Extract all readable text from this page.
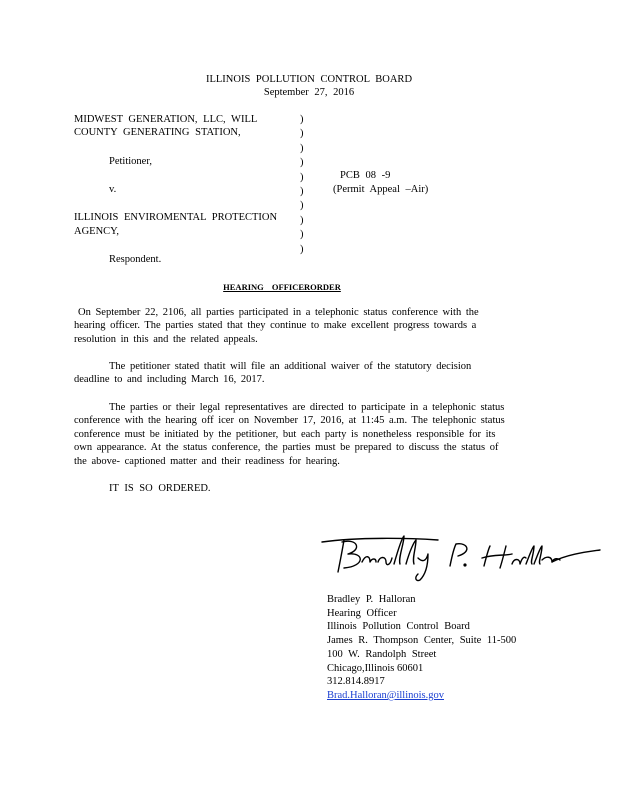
ILLINOIS POLLUTION CONTROL BOARD
September 27, 2016
MIDWEST GENERATION, LLC, WILL
COUNTY GENERATING STATION,
Petitioner,
v.
ILLINOIS ENVIROMENTAL PROTECTION
AGENCY,
Respondent.
)
)
)
)
)
)
)
)
)
)
PCB 08 -9
(Permit Appeal –Air)
HEARING OFFICERORDER
On September 22, 2106, all parties participated in a telephonic status conference with the
hearing officer. The parties stated that they continue to make excellent progress towards a
resolution in this and the related appeals.
The petitioner stated thatit will file an additional waiver of the statutory decision
deadline to and including March 16, 2017.
The parties or their legal representatives are directed to participate in a telephonic status
conference with the hearing off icer on November 17, 2016, at 11:45 a.m. The telephonic status
conference must be initiated by the petitioner, but each party is nonetheless responsible for its
own appearance. At the status conference, the parties must be prepared to discuss the status of
the above- captioned matter and their readiness for hearing.
IT IS SO ORDERED.
Bradley P. Halloran
Hearing Officer
Illinois Pollution Control Board
James R. Thompson Center, Suite 11-500
100 W. Randolph Street
Chicago,Illinois 60601
312.814.8917
Brad.Halloran@illinois.gov
